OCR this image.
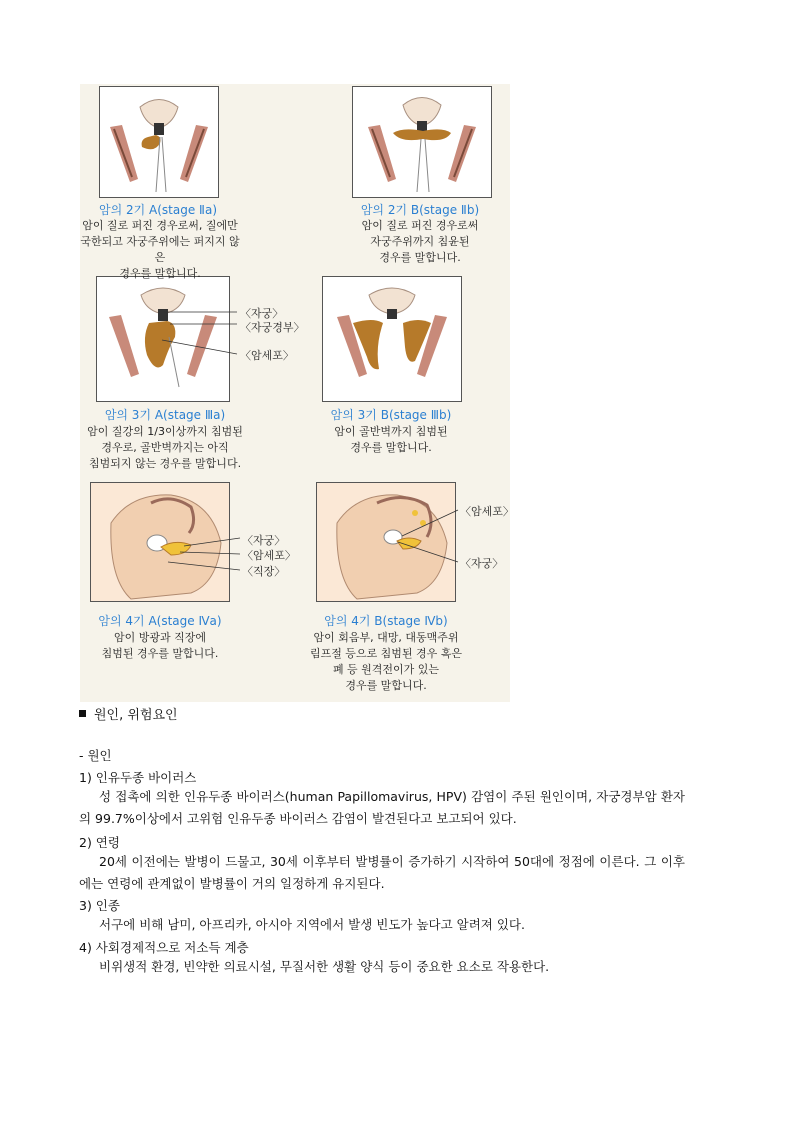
〈자궁〉
〈자궁경부〉
〈암세포〉
〈자궁〉
〈암세포〉
〈직장〉
〈암세포〉
〈자궁〉
암의 2기 A(stage Ⅱa)
암이 질로 퍼진 경우로써, 질에만
국한되고 자궁주위에는 퍼지지 않은
경우를 말합니다.
암의 2기 B(stage Ⅱb)
암이 질로 퍼진 경우로써
자궁주위까지 침윤된
경우를 말합니다.
암의 3기 A(stage Ⅲa)
암이 질강의 1/3이상까지 침범된
경우로, 골반벽까지는 아직
침범되지 않는 경우를 말합니다.
암의 3기 B(stage Ⅲb)
암이 골반벽까지 침범된
경우를 말합니다.
암의 4기 A(stage Ⅳa)
암이 방광과 직장에
침범된 경우를 말합니다.
암의 4기 B(stage Ⅳb)
암이 회음부, 대망, 대동맥주위
림프절 등으로 침범된 경우 혹은
폐 등 원격전이가 있는
경우를 말합니다.
원인, 위험요인
- 원인
1) 인유두종 바이러스
성 접촉에 의한 인유두종 바이러스(human Papillomavirus, HPV) 감염이 주된 원인이며, 자궁경부암 환자의 99.7%이상에서 고위험 인유두종 바이러스 감염이 발견된다고 보고되어 있다.
2) 연령
20세 이전에는 발병이 드물고, 30세 이후부터 발병률이 증가하기 시작하여 50대에 정점에 이른다. 그 이후에는 연령에 관계없이 발병률이 거의 일정하게 유지된다.
3) 인종
서구에 비해 남미, 아프리카, 아시아 지역에서 발생 빈도가 높다고 알려져 있다.
4) 사회경제적으로 저소득 계층
비위생적 환경, 빈약한 의료시설, 무질서한 생활 양식 등이 중요한 요소로 작용한다.
